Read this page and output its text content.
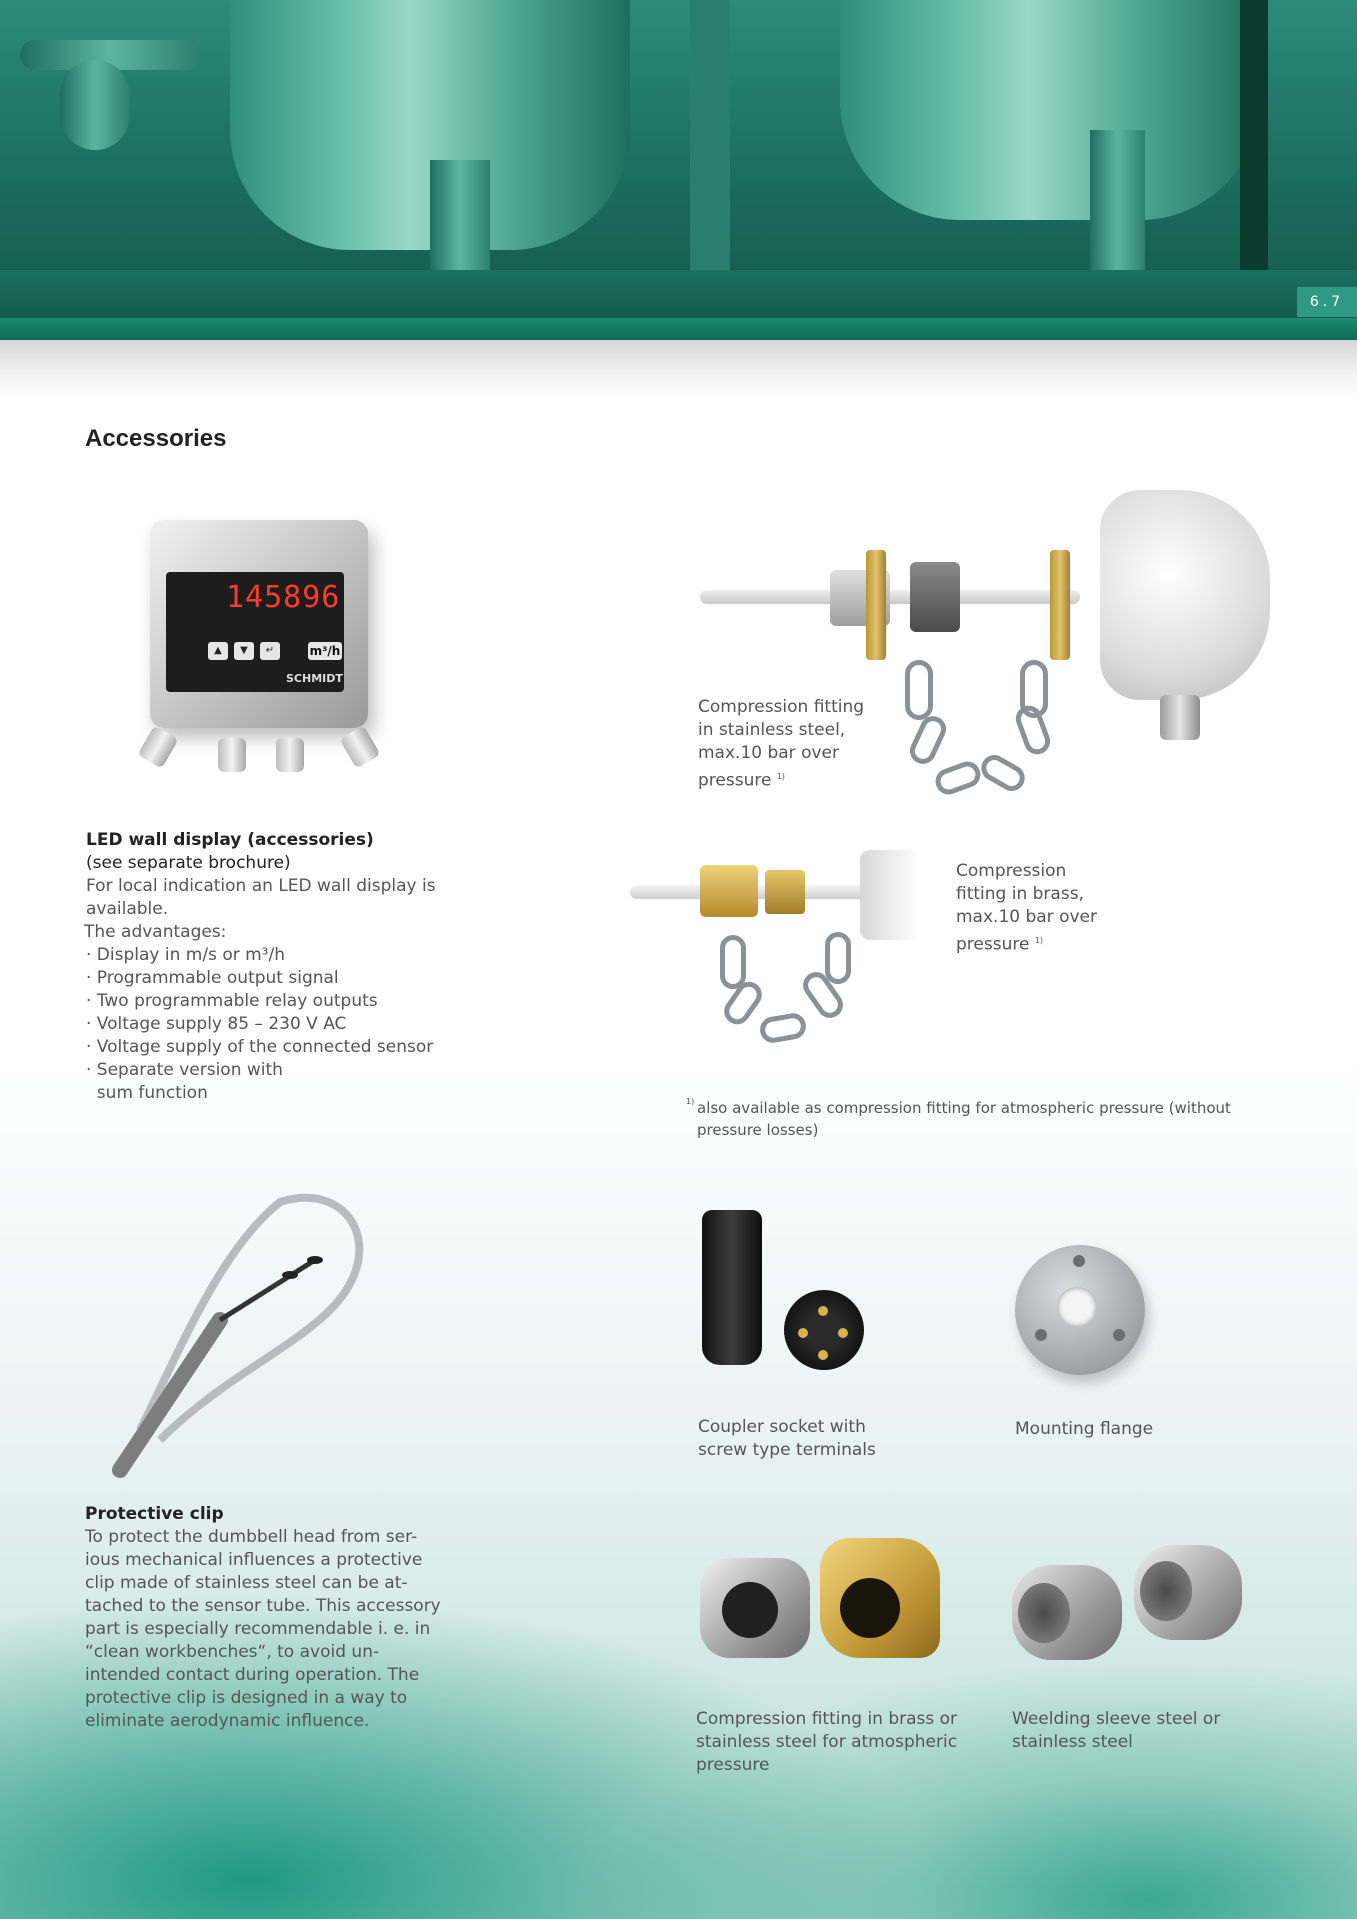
6.7
Accessories
145896
▲	▼	↵	m³/h
SCHMIDT
LED wall display (accessories)
(see separate brochure)
For local indication an LED wall display is
available.
The advantages:
· Display in m/s or m³/h
· Programmable output signal
· Two programmable relay outputs
· Voltage supply 85 – 230 V AC
· Voltage supply of the connected sensor
· Separate version with
sum function
Compression fitting
in stainless steel,
max.10 bar over
pressure $^{1)}$
Compression
fitting in brass,
max.10 bar over
pressure $^{1)}$
1) also available as compression fitting for atmospheric pressure (without
pressure losses)
Protective clip
To protect the dumbbell head from ser-
ious mechanical influences a protective
clip made of stainless steel can be at-
tached to the sensor tube. This accessory
part is especially recommendable i. e. in
“clean workbenches“, to avoid un-
intended contact during operation. The
protective clip is designed in a way to
eliminate aerodynamic influence.
Coupler socket with
screw type terminals
Mounting flange
Compression fitting in brass or
stainless steel for atmospheric
pressure
Weelding sleeve steel or
stainless steel
